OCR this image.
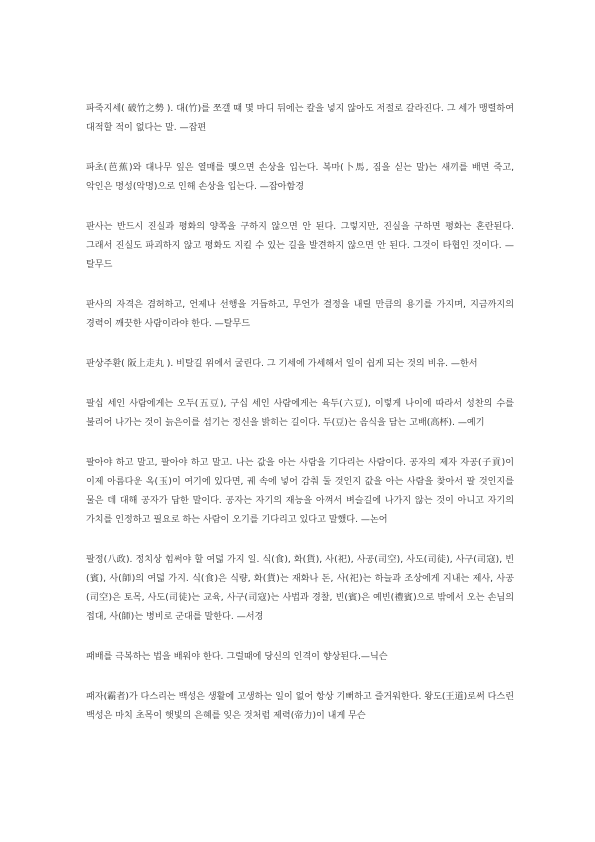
파죽지세( 破竹之勢 ). 대(竹)를 쪼갤 때 몇 마디 뒤에는 칼을 넣지 않아도 저절로 갈라진다. 그 세가 맹렬하여 대적할 적이 없다는 말. —잡편

파초(芭蕉)와 대나무 잎은 열매를 맺으면 손상을 입는다. 복마(卜馬, 짐을 싣는 말)는 새끼를 배면 죽고, 악인은 명성(악명)으로 인해 손상을 입는다. —잡아함경

판사는 반드시 진실과 평화의 양쪽을 구하지 않으면 안 된다. 그렇지만, 진실을 구하면 평화는 혼란된다. 그래서 진실도 파괴하지 않고 평화도 지킬 수 있는 길을 발견하지 않으면 안 된다. 그것이 타협인 것이다. —탈무드

판사의 자격은 겸허하고, 언제나 선행을 거듭하고, 무언가 결정을 내릴 만큼의 용기를 가지며, 지금까지의 경력이 깨끗한 사람이라야 한다. —탈무드

판상주환( 阪上走丸 ). 비탈길 위에서 굴린다. 그 기세에 가세해서 일이 쉽게 되는 것의 비유. —한서

팔십 세인 사람에게는 오두(五豆), 구십 세인 사람에게는 육두(六豆), 이렇게 나이에 따라서 성찬의 수를 불리어 나가는 것이 늙은이를 섬기는 정신을 밝히는 길이다. 두(豆)는 음식을 담는 고배(高杯). —예기

팔아야 하고 말고, 팔아야 하고 말고. 나는 값을 아는 사람을 기다리는 사람이다. 공자의 제자 자공(子貢)이 이제 아름다운 옥(玉)이 여기에 있다면, 궤 속에 넣어 감춰 둘 것인지 값을 아는 사람을 찾아서 팔 것인지를 물은 데 대해 공자가 답한 말이다. 공자는 자기의 재능을 아껴서 벼슬길에 나가지 않는 것이 아니고 자기의 가치를 인정하고 필요로 하는 사람이 오기를 기다리고 있다고 말했다. —논어

팔정(八政). 정치상 힘써야 할 여덟 가지 일. 식(食), 화(貨), 사(祀), 사공(司空), 사도(司徒), 사구(司寇), 빈(賓), 사(師)의 여덟 가지. 식(食)은 식량, 화(貨)는 재화나 돈, 사(祀)는 하늘과 조상에게 지내는 제사, 사공(司空)은 토목, 사도(司徒)는 교육, 사구(司寇)는 사법과 경찰, 빈(賓)은 예빈(禮賓)으로 밖에서 오는 손님의 접대, 사(師)는 병비로 군대를 말한다. —서경

패배를 극복하는 법을 배워야 한다. 그럴때에 당신의 인격이 향상된다.—닉슨

패자(霸者)가 다스리는 백성은 생활에 고생하는 일이 없어 항상 기뻐하고 즐거워한다. 왕도(王道)로써 다스린 백성은 마치 초목이 햇빛의 은혜를 잊은 것처럼 제력(帝力)이 내게 무슨
